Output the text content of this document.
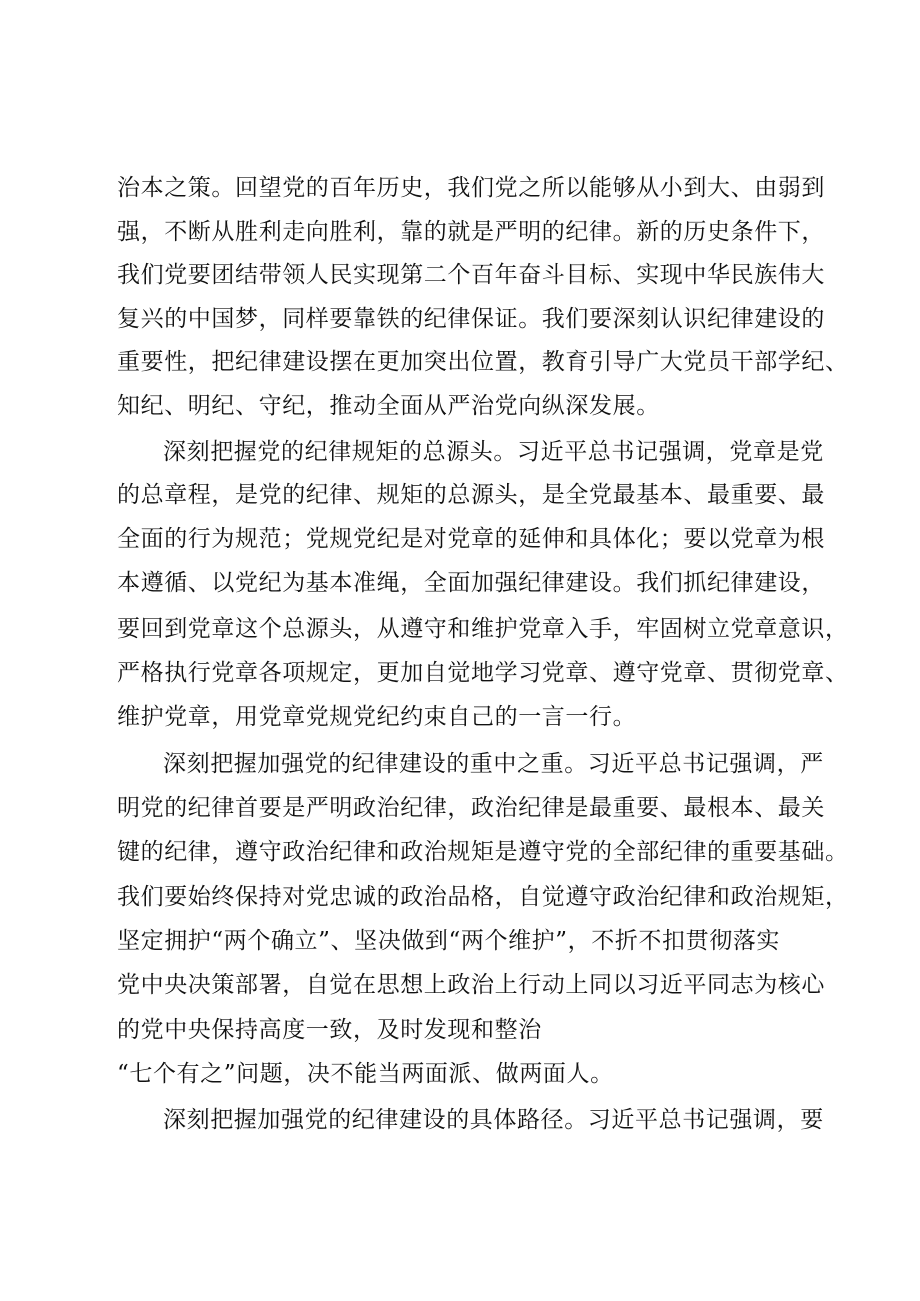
治本之策。回望党的百年历史，我们党之所以能够从小到大、由弱到
强，不断从胜利走向胜利，靠的就是严明的纪律。新的历史条件下，
我们党要团结带领人民实现第二个百年奋斗目标、实现中华民族伟大
复兴的中国梦，同样要靠铁的纪律保证。我们要深刻认识纪律建设的
重要性，把纪律建设摆在更加突出位置，教育引导广大党员干部学纪、
知纪、明纪、守纪，推动全面从严治党向纵深发展。
深刻把握党的纪律规矩的总源头。习近平总书记强调，党章是党
的总章程，是党的纪律、规矩的总源头，是全党最基本、最重要、最
全面的行为规范；党规党纪是对党章的延伸和具体化；要以党章为根
本遵循、以党纪为基本准绳，全面加强纪律建设。我们抓纪律建设，
要回到党章这个总源头，从遵守和维护党章入手，牢固树立党章意识，
严格执行党章各项规定，更加自觉地学习党章、遵守党章、贯彻党章、
维护党章，用党章党规党纪约束自己的一言一行。
深刻把握加强党的纪律建设的重中之重。习近平总书记强调，严
明党的纪律首要是严明政治纪律，政治纪律是最重要、最根本、最关
键的纪律，遵守政治纪律和政治规矩是遵守党的全部纪律的重要基础。
我们要始终保持对党忠诚的政治品格，自觉遵守政治纪律和政治规矩，
坚定拥护“两个确立”、坚决做到“两个维护”，不折不扣贯彻落实
党中央决策部署，自觉在思想上政治上行动上同以习近平同志为核心
的党中央保持高度一致，及时发现和整治
“七个有之”问题，决不能当两面派、做两面人。
深刻把握加强党的纪律建设的具体路径。习近平总书记强调，要
